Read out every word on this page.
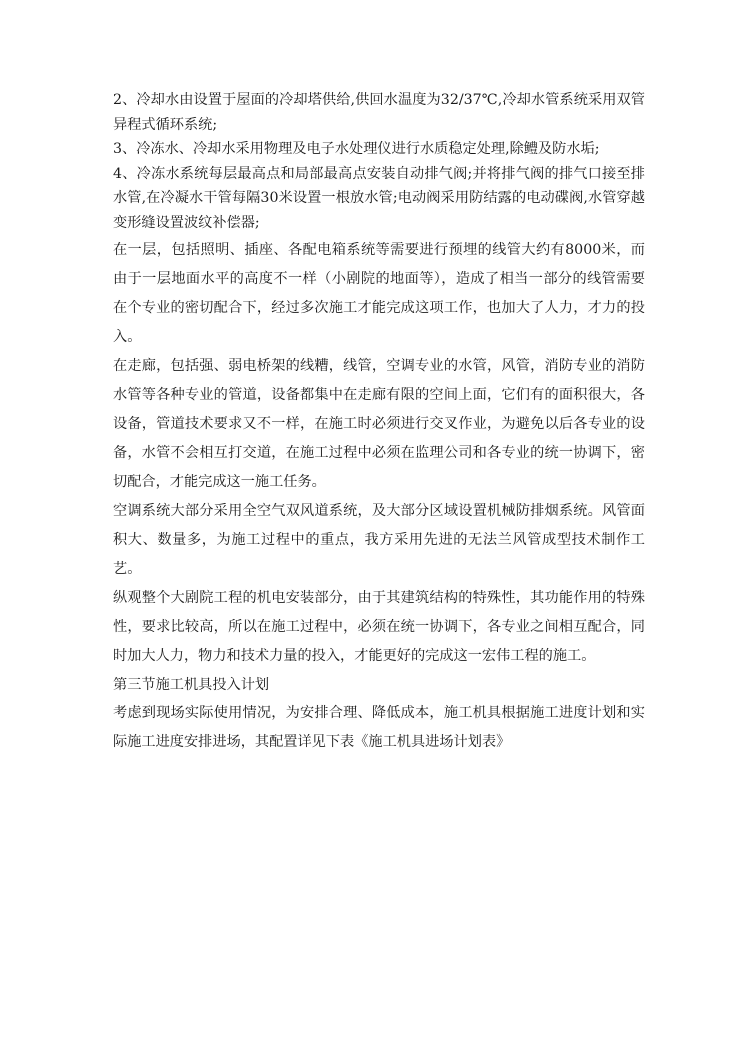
2、冷却水由设置于屋面的冷却塔供给,供回水温度为32/37℃,冷却水管系统采用双管异程式循环系统;

3、冷冻水、冷却水采用物理及电子水处理仪进行水质稳定处理,除鳢及防水垢;

4、冷冻水系统每层最高点和局部最高点安装自动排气阀;并将排气阀的排气口接至排水管,在冷凝水干管每隔30米设置一根放水管;电动阀采用防结露的电动碟阀,水管穿越变形缝设置波纹补偿器;

在一层，包括照明、插座、各配电箱系统等需要进行预埋的线管大约有8000米，而由于一层地面水平的高度不一样（小剧院的地面等），造成了相当一部分的线管需要在个专业的密切配合下，经过多次施工才能完成这项工作，也加大了人力，才力的投入。

在走廊，包括强、弱电桥架的线糟，线管，空调专业的水管，风管，消防专业的消防水管等各种专业的管道，设备都集中在走廊有限的空间上面，它们有的面积很大，各设备，管道技术要求又不一样，在施工时必须进行交叉作业，为避免以后各专业的设备，水管不会相互打交道，在施工过程中必须在监理公司和各专业的统一协调下，密切配合，才能完成这一施工任务。

空调系统大部分采用全空气双风道系统，及大部分区域设置机械防排烟系统。风管面积大、数量多，为施工过程中的重点，我方采用先进的无法兰风管成型技术制作工艺。

纵观整个大剧院工程的机电安装部分，由于其建筑结构的特殊性，其功能作用的特殊性，要求比较高，所以在施工过程中，必须在统一协调下，各专业之间相互配合，同时加大人力，物力和技术力量的投入，才能更好的完成这一宏伟工程的施工。

第三节施工机具投入计划

考虑到现场实际使用情况，为安排合理、降低成本，施工机具根据施工进度计划和实际施工进度安排进场，其配置详见下表《施工机具进场计划表》
